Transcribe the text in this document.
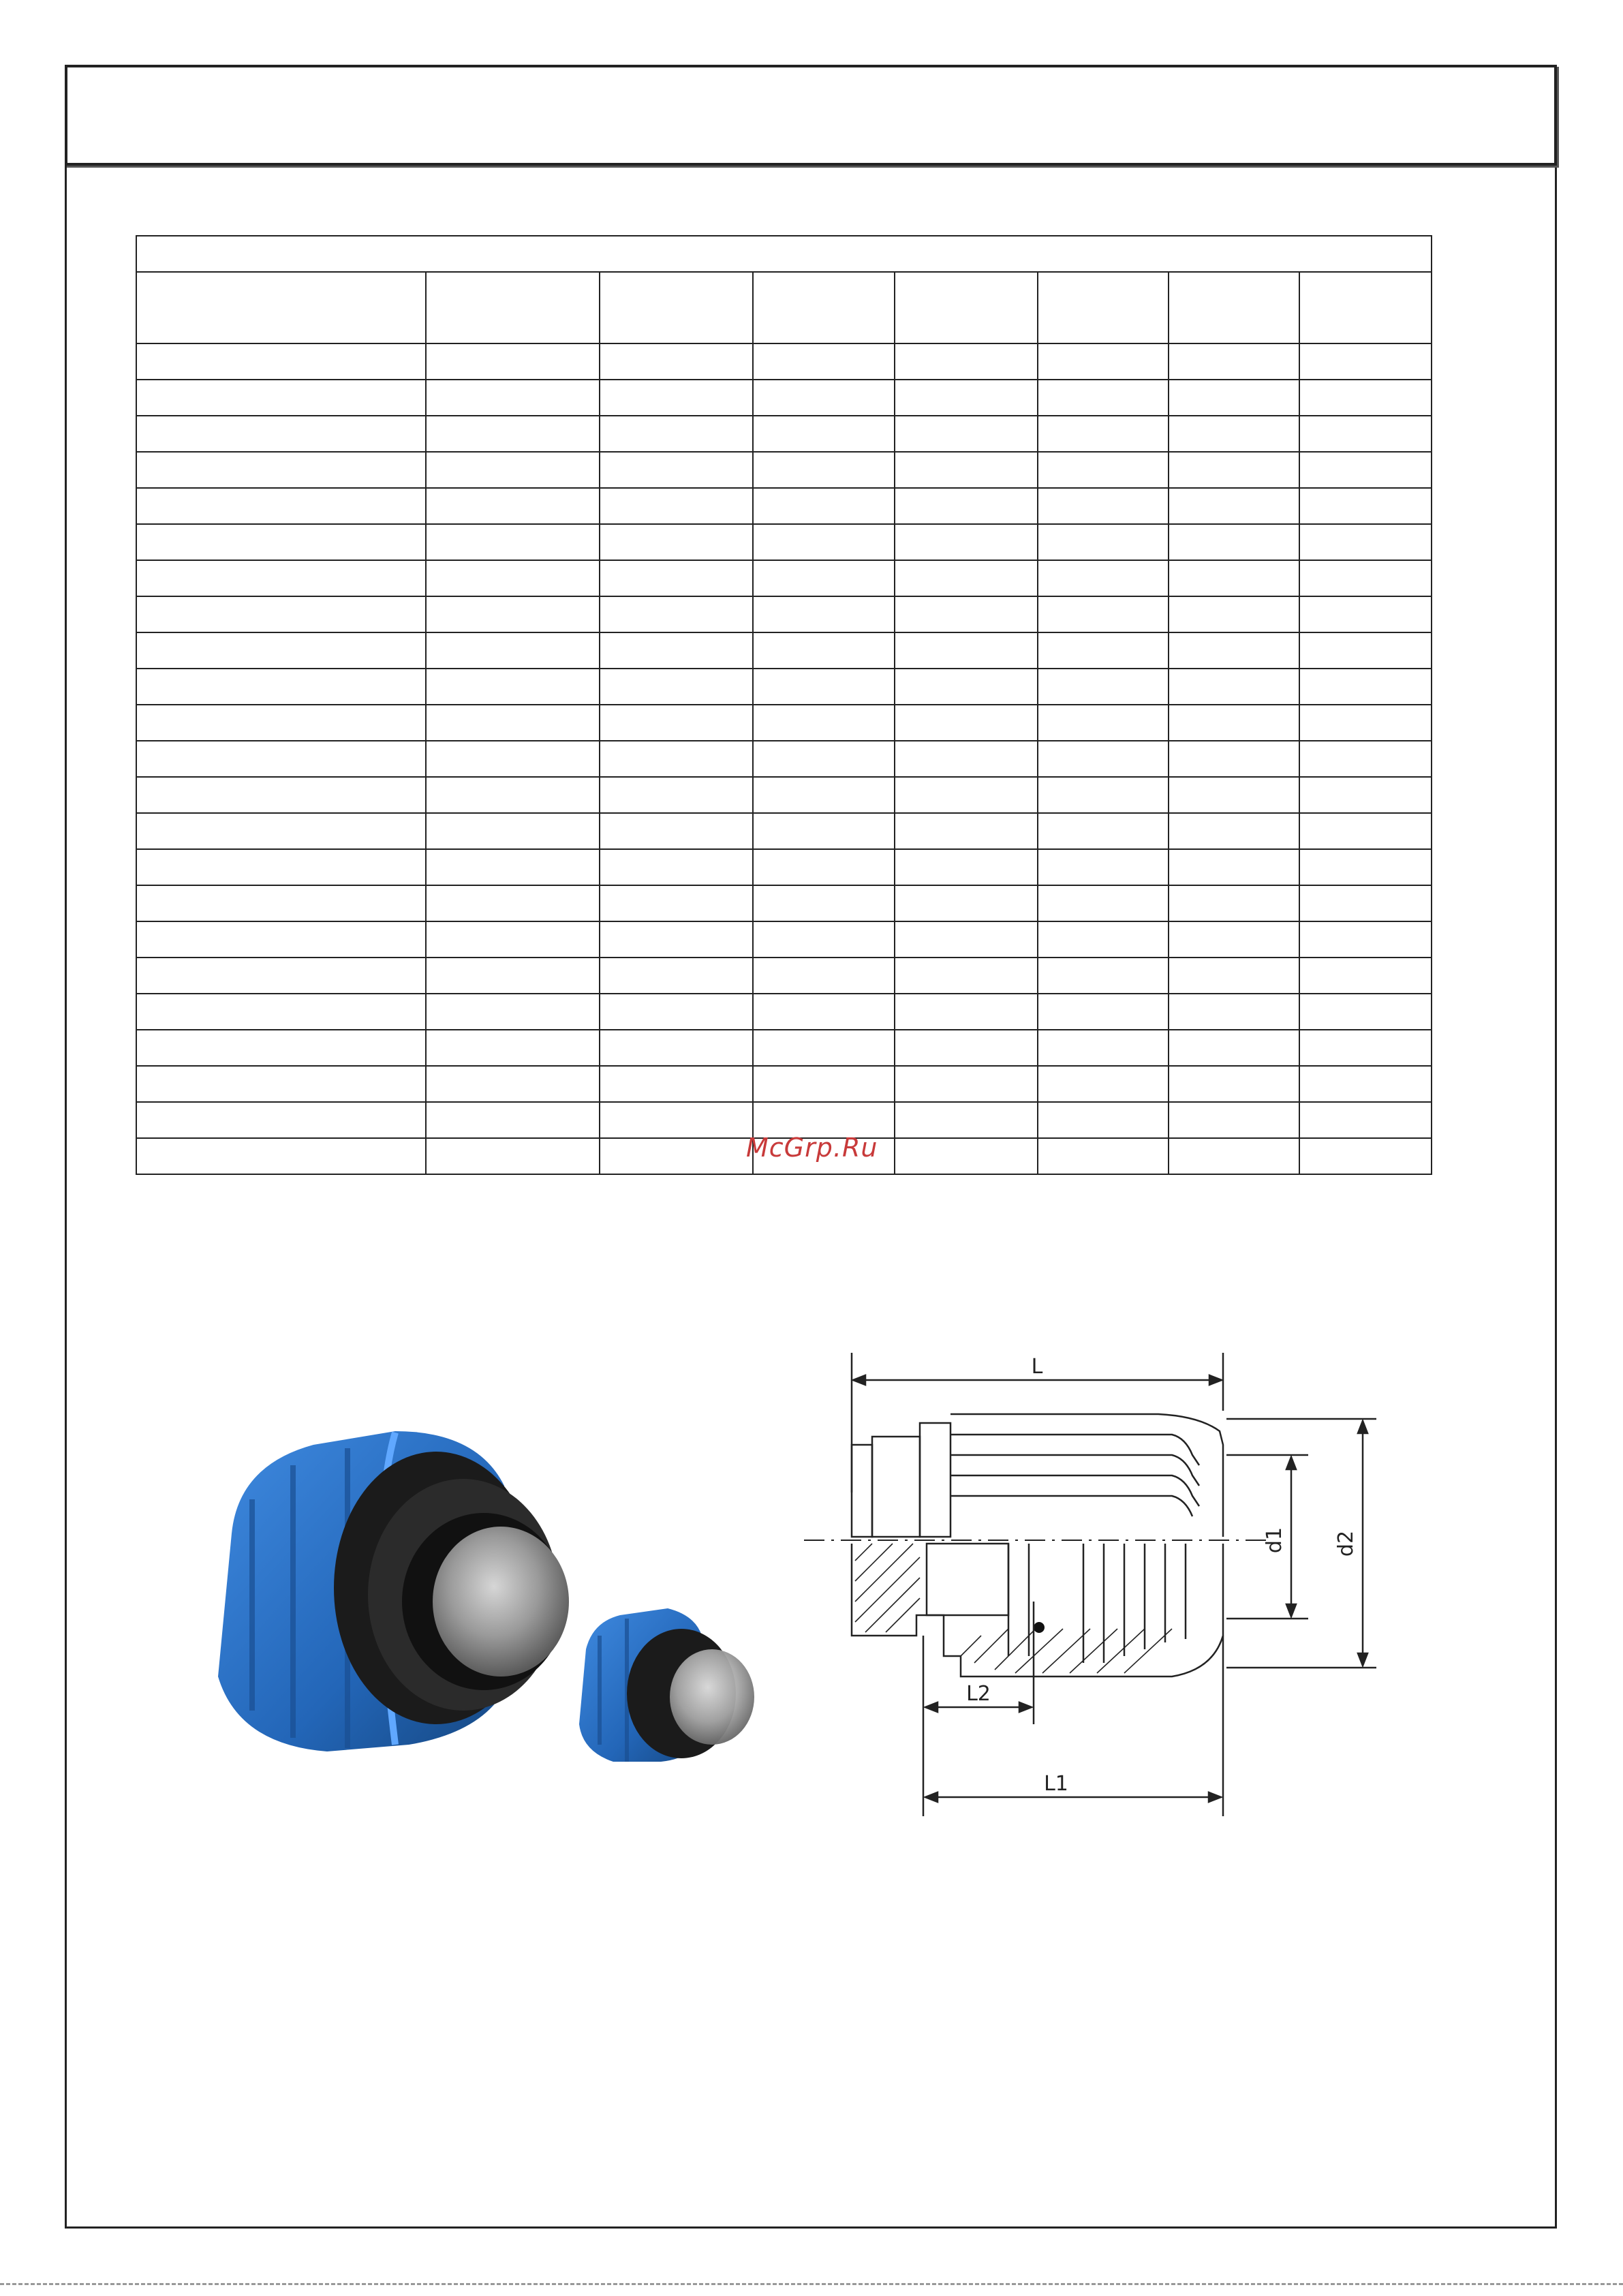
McGrp.Ru
L
L2
L1
d1 d2
